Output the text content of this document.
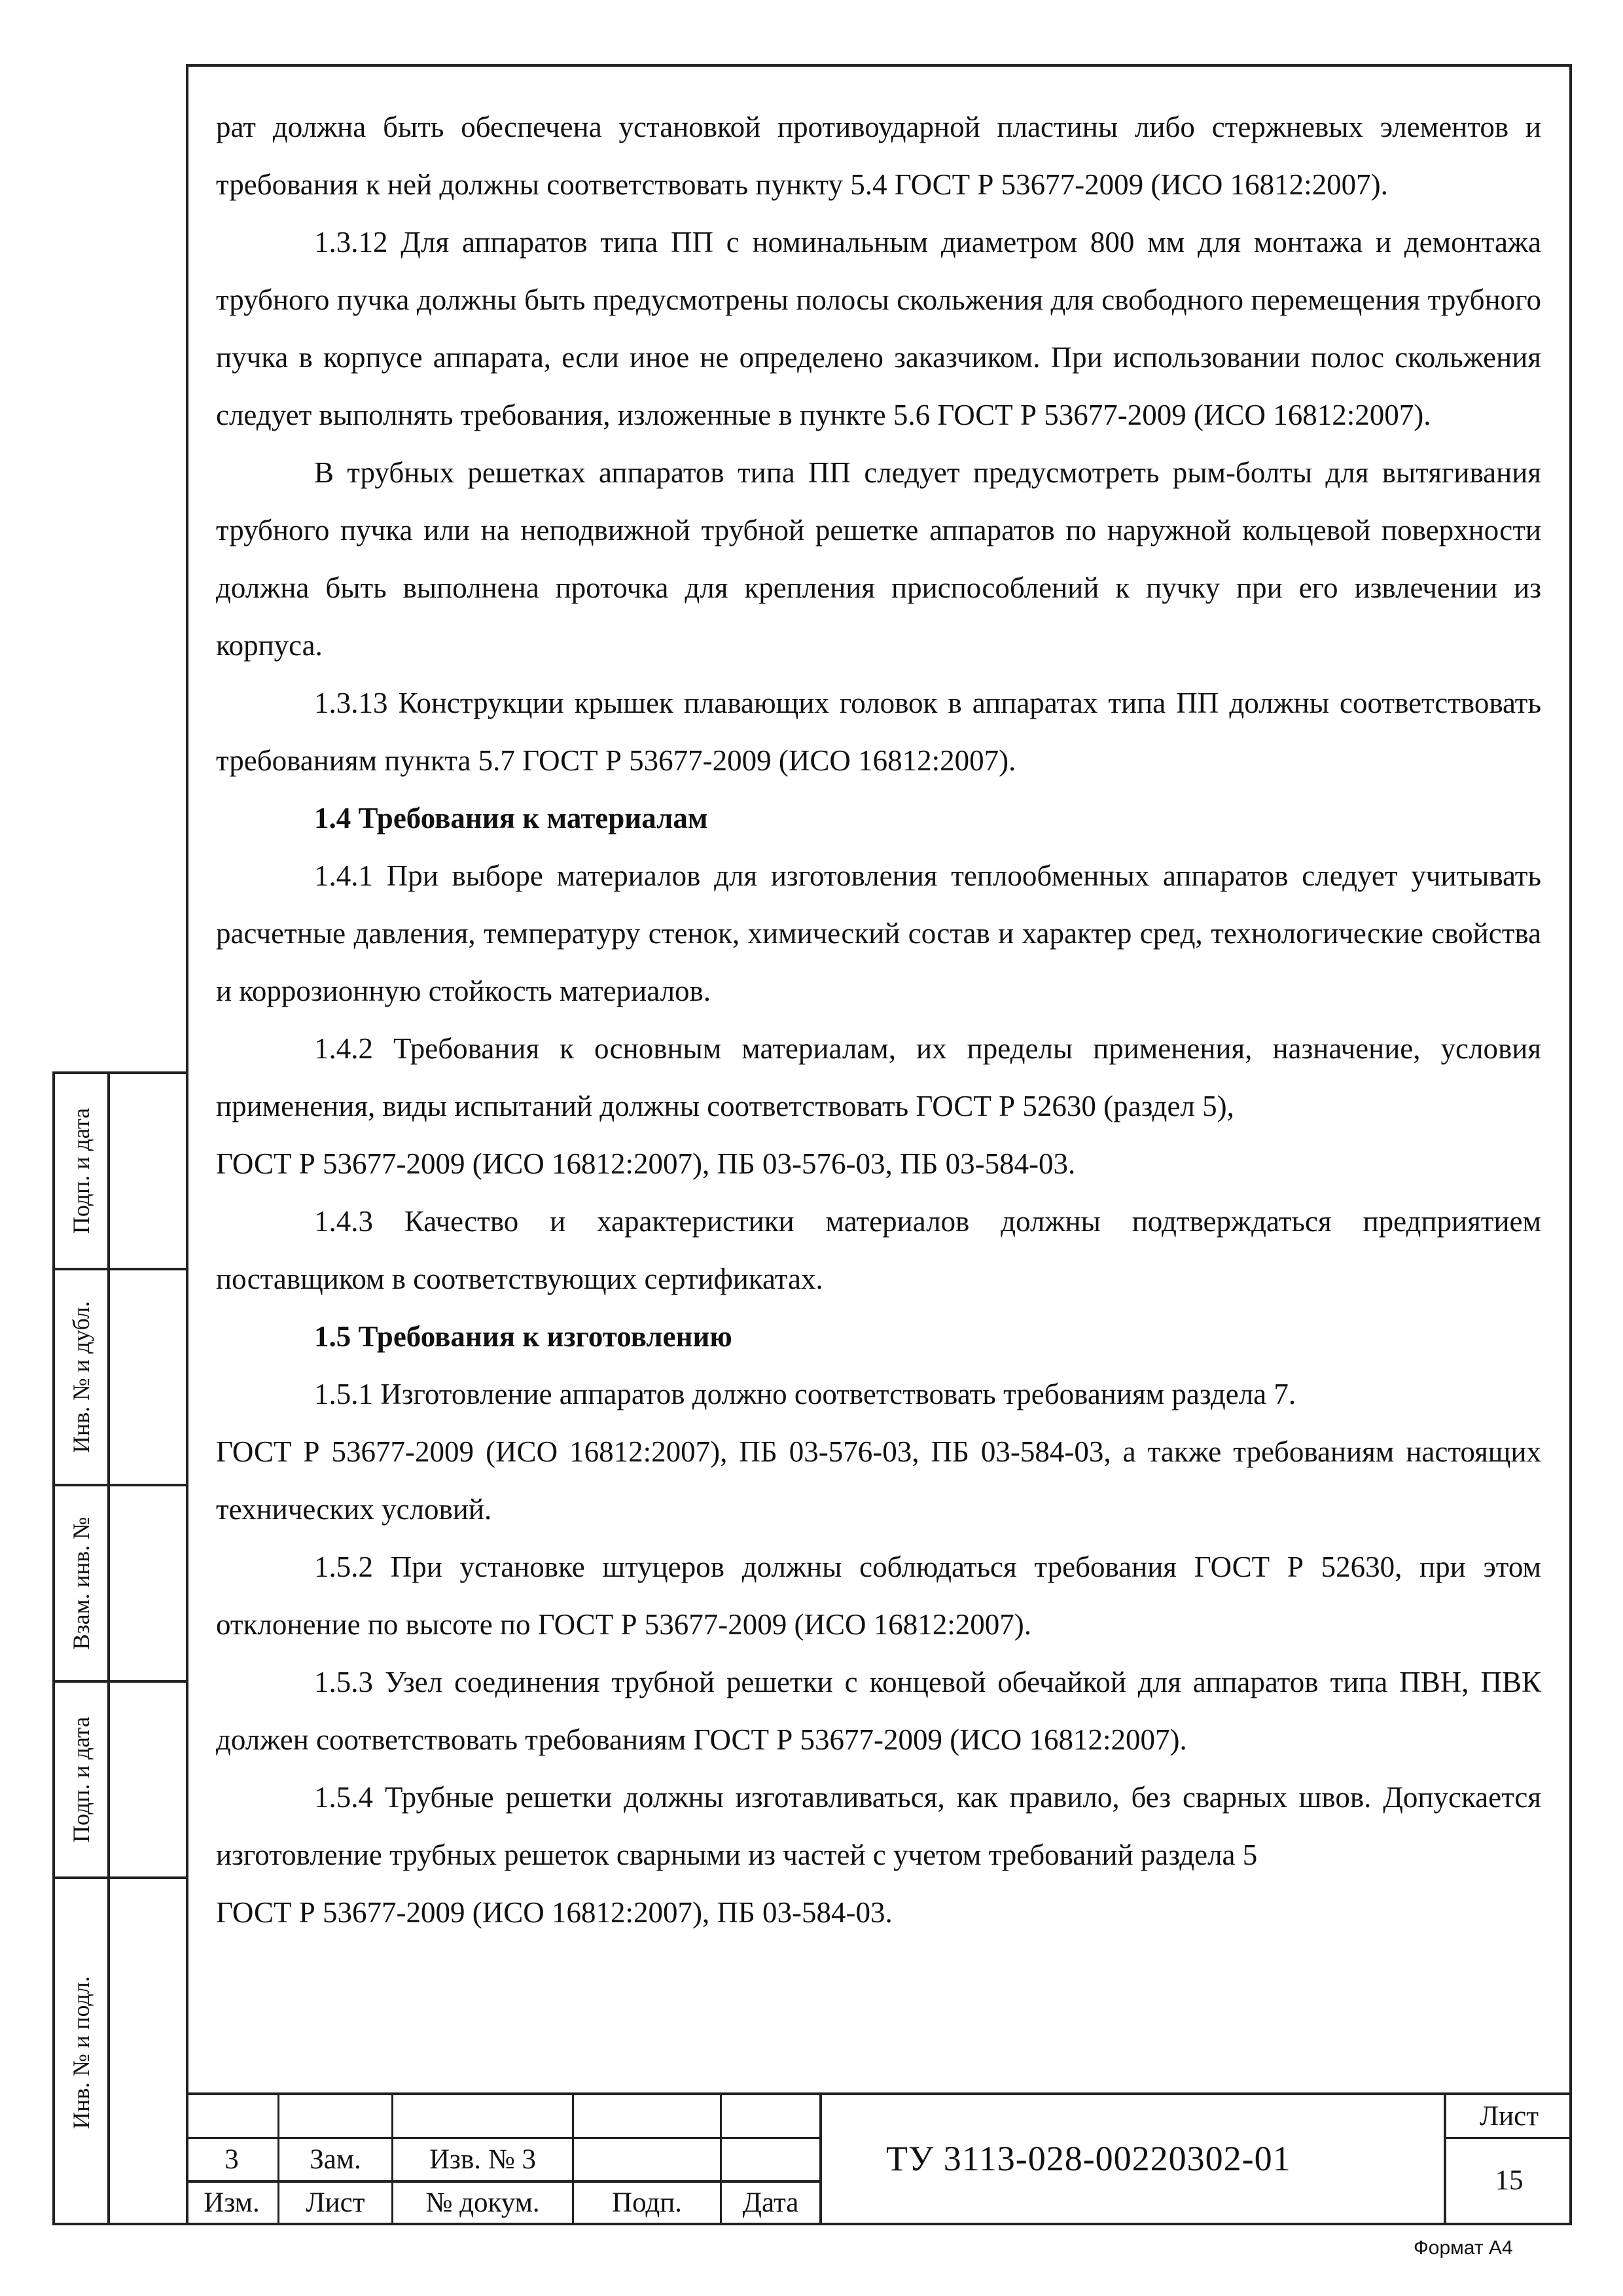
рат должна быть обеспечена установкой противоударной пластины либо стержневых элементов и требования к ней должны соответствовать пункту 5.4 ГОСТ Р 53677-2009 (ИСО 16812:2007).

1.3.12 Для аппаратов типа ПП с номинальным диаметром 800 мм для монтажа и демонтажа трубного пучка должны быть предусмотрены полосы скольжения для свободного перемещения трубного пучка в корпусе аппарата, если иное не определено заказчиком. При использовании полос скольжения следует выполнять требования, изложенные в пункте 5.6 ГОСТ Р 53677-2009 (ИСО 16812:2007).

В трубных решетках аппаратов типа ПП следует предусмотреть рым-болты для вытягивания трубного пучка или на неподвижной трубной решетке аппаратов по наружной кольцевой поверхности должна быть выполнена проточка для крепления приспособлений к пучку при его извлечении из корпуса.

1.3.13 Конструкции крышек плавающих головок в аппаратах типа ПП должны соответствовать требованиям пункта 5.7 ГОСТ Р 53677-2009 (ИСО 16812:2007).

1.4 Требования к материалам

1.4.1 При выборе материалов для изготовления теплообменных аппаратов следует учитывать расчетные давления, температуру стенок, химический состав и характер сред, технологические свойства и коррозионную стойкость материалов.

1.4.2 Требования к основным материалам, их пределы применения, назначение, условия применения, виды испытаний должны соответствовать ГОСТ Р 52630 (раздел 5),

ГОСТ Р 53677-2009 (ИСО 16812:2007), ПБ 03-576-03, ПБ 03-584-03.

1.4.3 Качество и характеристики материалов должны подтверждаться предприятием поставщиком в соответствующих сертификатах.

1.5 Требования к изготовлению

1.5.1 Изготовление аппаратов должно соответствовать требованиям раздела 7.

ГОСТ Р 53677-2009 (ИСО 16812:2007), ПБ 03-576-03, ПБ 03-584-03, а также требованиям настоящих технических условий.

1.5.2 При установке штуцеров должны соблюдаться требования ГОСТ Р 52630, при этом отклонение по высоте по ГОСТ Р 53677-2009 (ИСО 16812:2007).

1.5.3 Узел соединения трубной решетки с концевой обечайкой для аппаратов типа ПВН, ПВК должен соответствовать требованиям ГОСТ Р 53677-2009 (ИСО 16812:2007).

1.5.4 Трубные решетки должны изготавливаться, как правило, без сварных швов. Допускается изготовление трубных решеток сварными из частей с учетом требований раздела 5

ГОСТ Р 53677-2009 (ИСО 16812:2007), ПБ 03-584-03.

Подп. и дата
Инв. № и дубл.
Взам. инв. №
Подп. и дата
Инв. № и подл.
3	Зам.	Изв. № 3
Изм.	Лист	№ докум.	Подп.	Дата
ТУ 3113-028-00220302-01
Лист
15
Формат А4
